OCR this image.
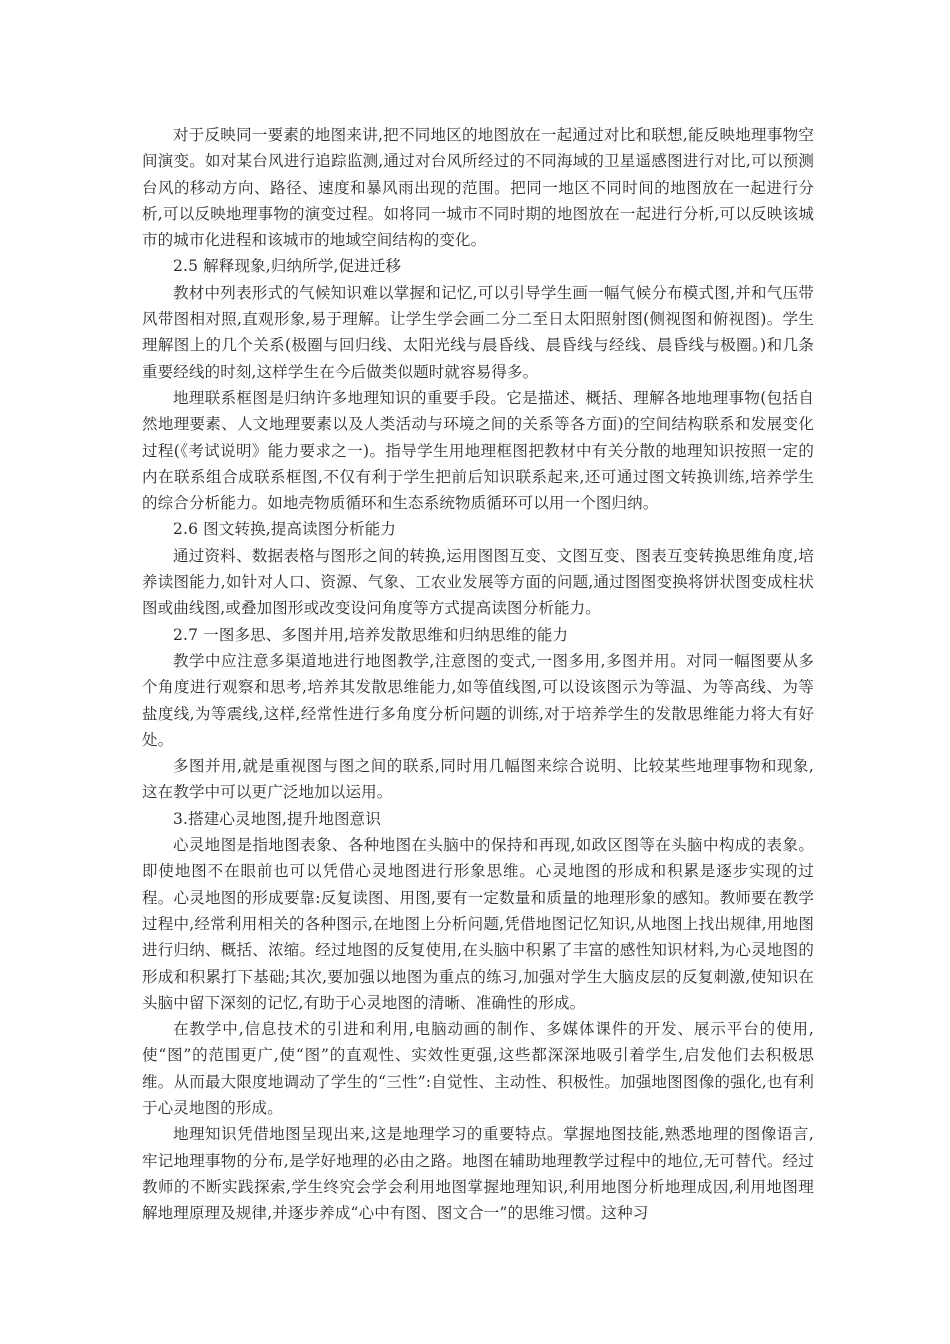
对于反映同一要素的地图来讲,把不同地区的地图放在一起通过对比和联想,能反映地理事物空间演变。如对某台风进行追踪监测,通过对台风所经过的不同海域的卫星遥感图进行对比,可以预测台风的移动方向、路径、速度和暴风雨出现的范围。把同一地区不同时间的地图放在一起进行分析,可以反映地理事物的演变过程。如将同一城市不同时期的地图放在一起进行分析,可以反映该城市的城市化进程和该城市的地域空间结构的变化。

2.5 解释现象,归纳所学,促进迁移

教材中列表形式的气候知识难以掌握和记忆,可以引导学生画一幅气候分布模式图,并和气压带风带图相对照,直观形象,易于理解。让学生学会画二分二至日太阳照射图(侧视图和俯视图)。学生理解图上的几个关系(极圈与回归线、太阳光线与晨昏线、晨昏线与经线、晨昏线与极圈。)和几条重要经线的时刻,这样学生在今后做类似题时就容易得多。

地理联系框图是归纳许多地理知识的重要手段。它是描述、概括、理解各地地理事物(包括自然地理要素、人文地理要素以及人类活动与环境之间的关系等各方面)的空间结构联系和发展变化过程(《考试说明》能力要求之一)。指导学生用地理框图把教材中有关分散的地理知识按照一定的内在联系组合成联系框图,不仅有利于学生把前后知识联系起来,还可通过图文转换训练,培养学生的综合分析能力。如地壳物质循环和生态系统物质循环可以用一个图归纳。

2.6 图文转换,提高读图分析能力

通过资料、数据表格与图形之间的转换,运用图图互变、文图互变、图表互变转换思维角度,培养读图能力,如针对人口、资源、气象、工农业发展等方面的问题,通过图图变换将饼状图变成柱状图或曲线图,或叠加图形或改变设问角度等方式提高读图分析能力。

2.7 一图多思、多图并用,培养发散思维和归纳思维的能力

教学中应注意多渠道地进行地图教学,注意图的变式,一图多用,多图并用。对同一幅图要从多个角度进行观察和思考,培养其发散思维能力,如等值线图,可以设该图示为等温、为等高线、为等盐度线,为等震线,这样,经常性进行多角度分析问题的训练,对于培养学生的发散思维能力将大有好处。

多图并用,就是重视图与图之间的联系,同时用几幅图来综合说明、比较某些地理事物和现象,这在教学中可以更广泛地加以运用。

3.搭建心灵地图,提升地图意识

心灵地图是指地图表象、各种地图在头脑中的保持和再现,如政区图等在头脑中构成的表象。即使地图不在眼前也可以凭借心灵地图进行形象思维。心灵地图的形成和积累是逐步实现的过程。心灵地图的形成要靠:反复读图、用图,要有一定数量和质量的地理形象的感知。教师要在教学过程中,经常利用相关的各种图示,在地图上分析问题,凭借地图记忆知识,从地图上找出规律,用地图进行归纳、概括、浓缩。经过地图的反复使用,在头脑中积累了丰富的感性知识材料,为心灵地图的形成和积累打下基础;其次,要加强以地图为重点的练习,加强对学生大脑皮层的反复刺激,使知识在头脑中留下深刻的记忆,有助于心灵地图的清晰、准确性的形成。

在教学中,信息技术的引进和利用,电脑动画的制作、多媒体课件的开发、展示平台的使用,使“图”的范围更广,使“图”的直观性、实效性更强,这些都深深地吸引着学生,启发他们去积极思维。从而最大限度地调动了学生的“三性”:自觉性、主动性、积极性。加强地图图像的强化,也有利于心灵地图的形成。

地理知识凭借地图呈现出来,这是地理学习的重要特点。掌握地图技能,熟悉地理的图像语言,牢记地理事物的分布,是学好地理的必由之路。地图在辅助地理教学过程中的地位,无可替代。经过教师的不断实践探索,学生终究会学会利用地图掌握地理知识,利用地图分析地理成因,利用地图理解地理原理及规律,并逐步养成“心中有图、图文合一”的思维习惯。这种习
